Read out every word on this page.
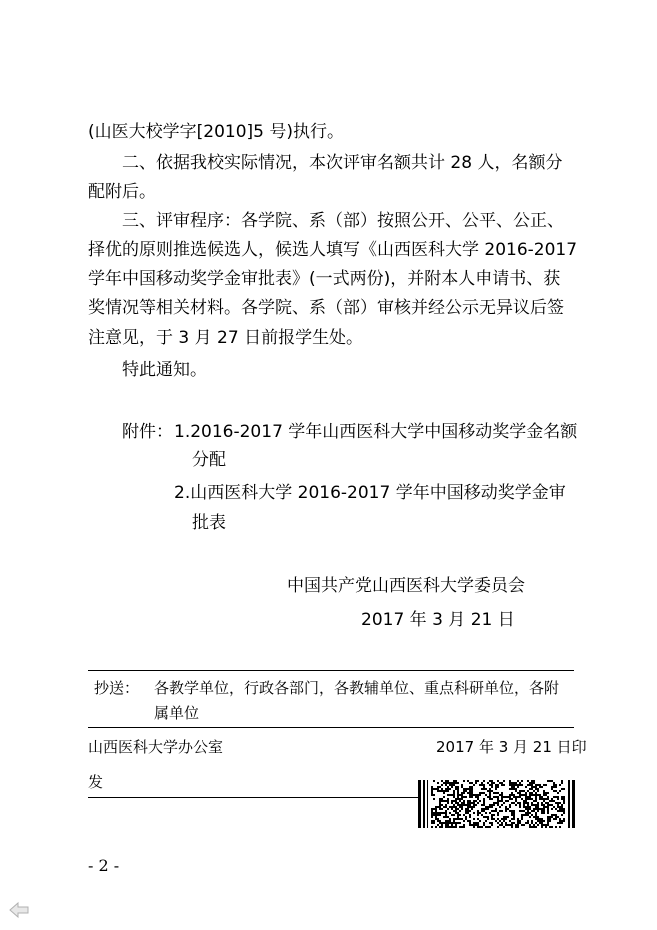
(山医大校学字[2010]5 号)执行。
二、依据我校实际情况，本次评审名额共计 28 人，名额分
配附后。
三、评审程序：各学院、系（部）按照公开、公平、公正、
择优的原则推选候选人，候选人填写《山西医科大学 2016-2017
学年中国移动奖学金审批表》(一式两份)，并附本人申请书、获
奖情况等相关材料。各学院、系（部）审核并经公示无异议后签
注意见，于 3 月 27 日前报学生处。
特此通知。
附件： 1.2016-2017 学年山西医科大学中国移动奖学金名额
分配
2.山西医科大学 2016-2017 学年中国移动奖学金审
批表
中国共产党山西医科大学委员会
2017 年 3 月 21 日
抄送： 各教学单位，行政各部门，各教辅单位、重点科研单位，各附
属单位
山西医科大学办公室	2017 年 3 月 21 日印
发
- 2 -
